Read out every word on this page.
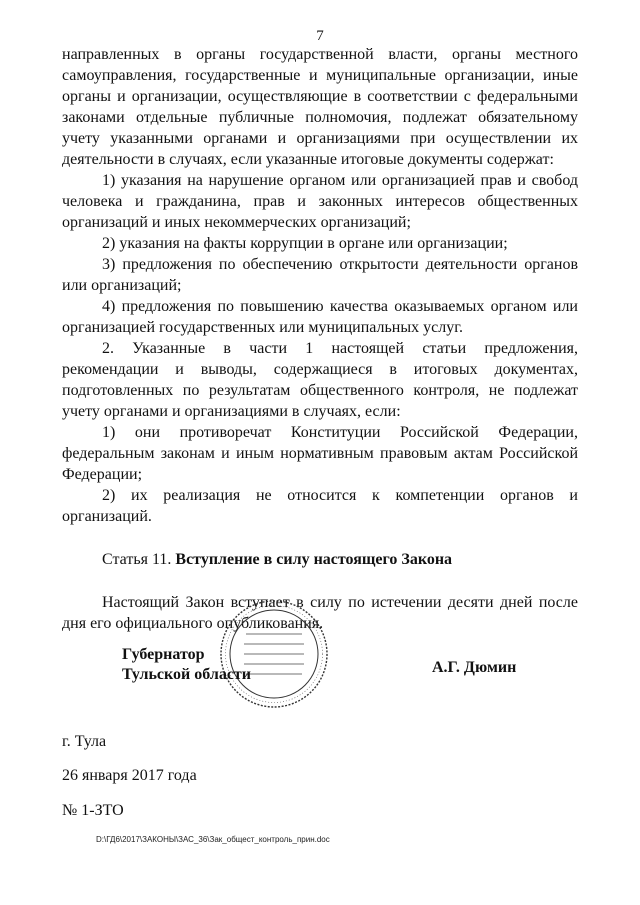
7

направленных в органы государственной власти, органы местного самоуправления, государственные и муниципальные организации, иные органы и организации, осуществляющие в соответствии с федеральными законами отдельные публичные полномочия, подлежат обязательному учету указанными органами и организациями при осуществлении их деятельности в случаях, если указанные итоговые документы содержат:

1) указания на нарушение органом или организацией прав и свобод человека и гражданина, прав и законных интересов общественных организаций и иных некоммерческих организаций;

2) указания на факты коррупции в органе или организации;

3) предложения по обеспечению открытости деятельности органов или организаций;

4) предложения по повышению качества оказываемых органом или организацией государственных или муниципальных услуг.

2. Указанные в части 1 настоящей статьи предложения, рекомендации и выводы, содержащиеся в итоговых документах, подготовленных по результатам общественного контроля, не подлежат учету органами и организациями в случаях, если:

1) они противоречат Конституции Российской Федерации, федеральным законам и иным нормативным правовым актам Российской Федерации;

2) их реализация не относится к компетенции органов и организаций.

Статья 11. Вступление в силу настоящего Закона

Настоящий Закон вступает в силу по истечении десяти дней после дня его официального опубликования.

Губернатор
Тульской области	А.Г. Дюмин
г. Тула
26 января 2017 года
№ 1-ЗТО
D:\ГД6\2017\ЗАКОНЫ\ЗАС_36\Зак_общест_контроль_прин.doc
